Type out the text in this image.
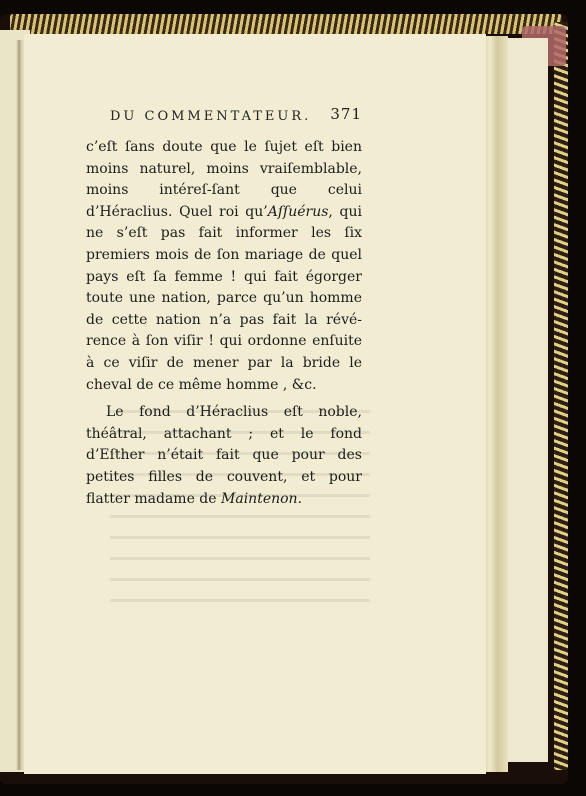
DU COMMENTATEUR. 371

c’eſt ſans doute que le ſujet eſt bien moins naturel, moins vraiſemblable, moins intéreſ-ſant que celui d’Héraclius. Quel roi qu’Aſſuérus, qui ne s’eſt pas fait informer les ſix premiers mois de ſon mariage de quel pays eſt ſa femme ! qui fait égorger toute une nation, parce qu’un homme de cette nation n’a pas fait la révé-rence à ſon viſir ! qui ordonne enſuite à ce viſir de mener par la bride le cheval de ce même homme , &c.

Le fond d’Héraclius eſt noble, théâtral, attachant ; et le fond d’Eſther n’était fait que pour des petites filles de couvent, et pour flatter madame de Maintenon.
